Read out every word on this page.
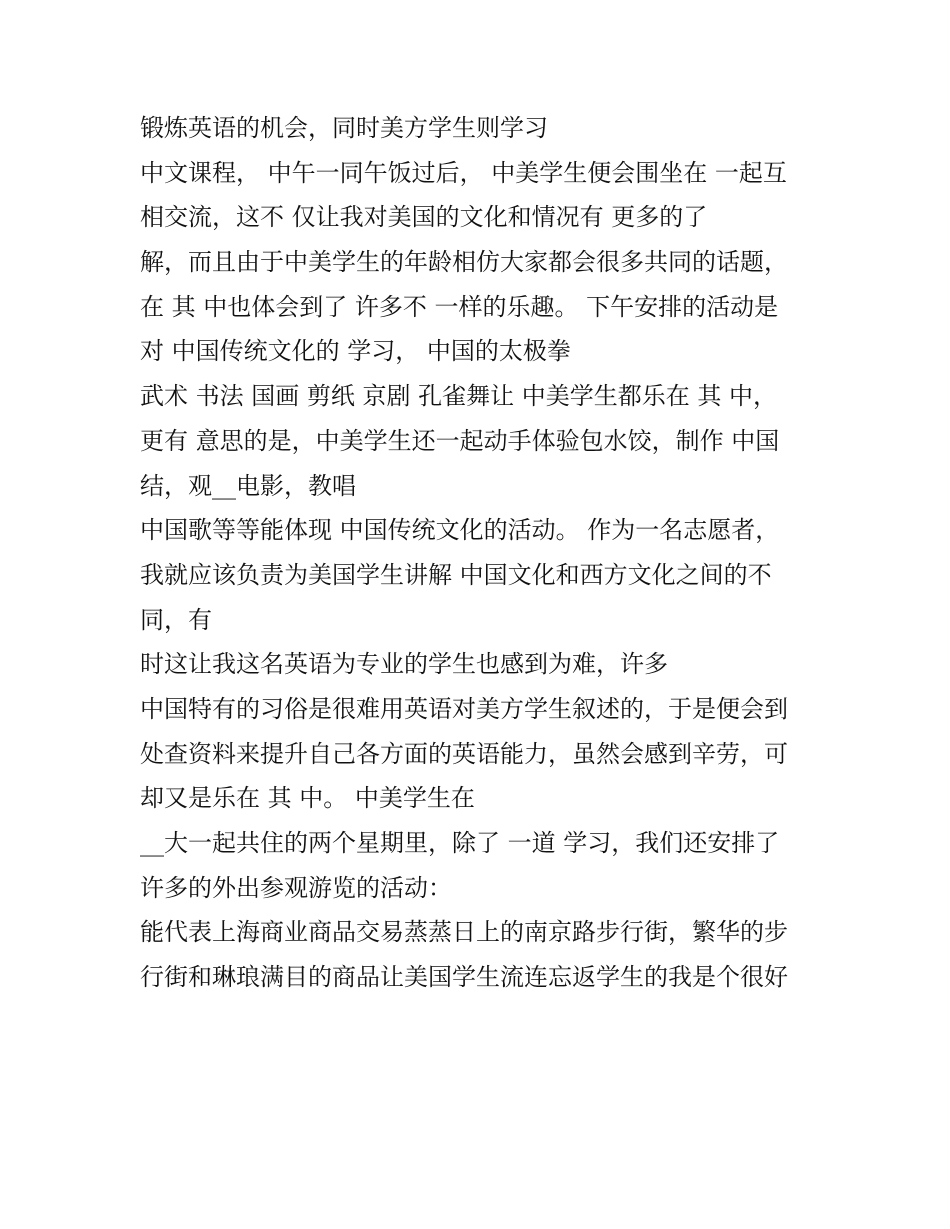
锻炼英语的机会，同时美方学生则学习
中文课程， 中午一同午饭过后， 中美学生便会围坐在 一起互
相交流，这不 仅让我对美国的文化和情况有 更多的了
解，而且由于中美学生的年龄相仿大家都会很多共同的话题，
在 其 中也体会到了 许多不 一样的乐趣。 下午安排的活动是
对 中国传统文化的 学习， 中国的太极拳
武术 书法 国画 剪纸 京剧 孔雀舞让 中美学生都乐在 其 中，
更有 意思的是，中美学生还一起动手体验包水饺，制作 中国
结，观__电影，教唱
中国歌等等能体现 中国传统文化的活动。 作为一名志愿者，
我就应该负责为美国学生讲解 中国文化和西方文化之间的不
同，有
时这让我这名英语为专业的学生也感到为难，许多
中国特有的习俗是很难用英语对美方学生叙述的，于是便会到
处查资料来提升自己各方面的英语能力，虽然会感到辛劳，可
却又是乐在 其 中。 中美学生在
__大一起共住的两个星期里，除了 一道 学习，我们还安排了
许多的外出参观游览的活动：
能代表上海商业商品交易蒸蒸日上的南京路步行街，繁华的步
行街和琳琅满目的商品让美国学生流连忘返学生的我是个很好
